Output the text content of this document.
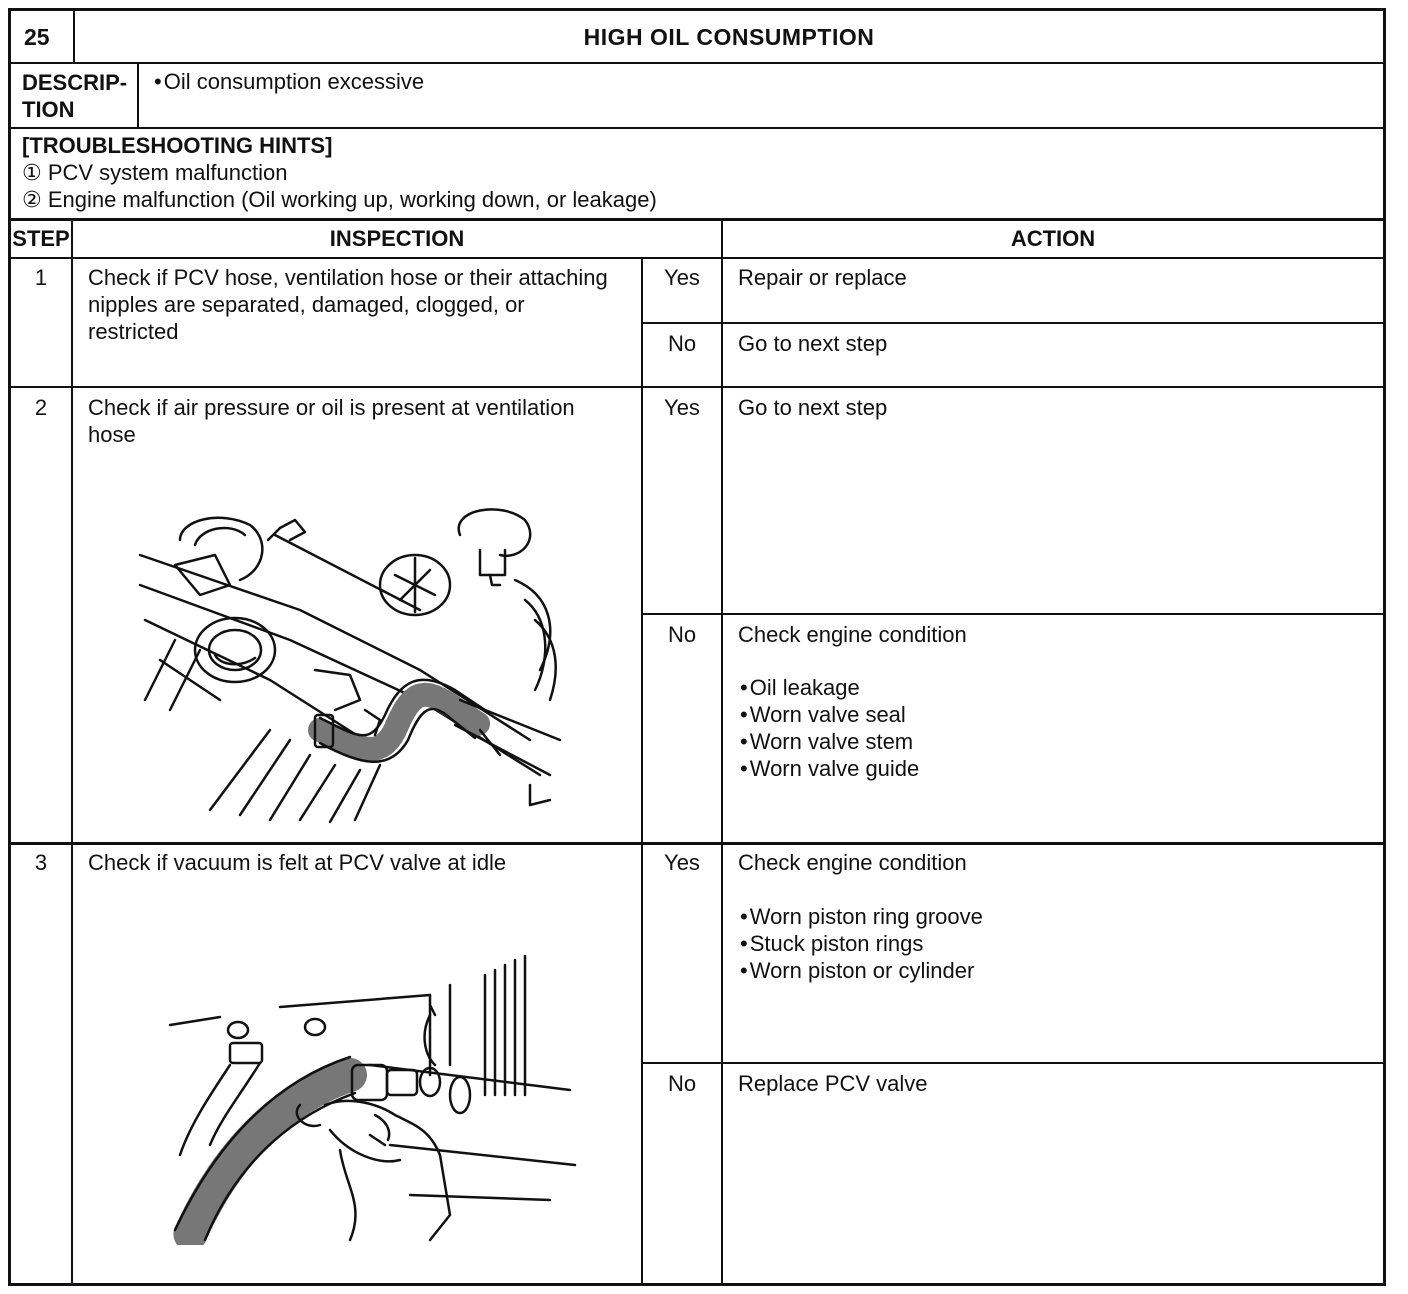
25	HIGH OIL CONSUMPTION
DESCRIP-
TION
• Oil consumption excessive
[TROUBLESHOOTING HINTS]
① PCV system malfunction
② Engine malfunction (Oil working up, working down, or leakage)
STEP	INSPECTION	ACTION
1	Check if PCV hose, ventilation hose or their attaching nipples are separated, damaged, clogged, or restricted
Yes	Repair or replace
No	Go to next step
2	Check if air pressure or oil is present at ventilation hose
Yes	Go to next step
No	Check engine condition
• Oil leakage
• Worn valve seal
• Worn valve stem
• Worn valve guide
3	Check if vacuum is felt at PCV valve at idle	Yes	Check engine condition
• Worn piston ring groove
• Stuck piston rings
• Worn piston or cylinder
No	Replace PCV valve
